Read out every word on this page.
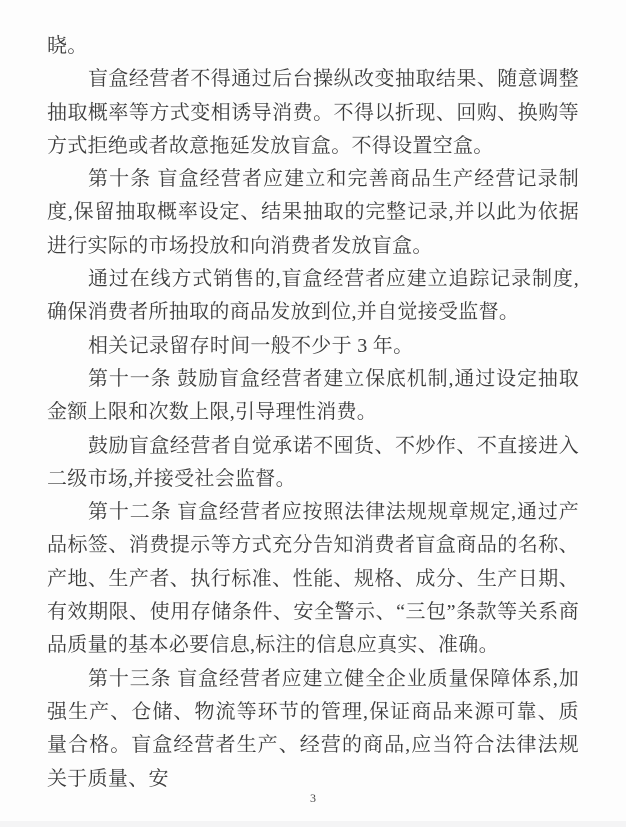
晓。

盲盒经营者不得通过后台操纵改变抽取结果、随意调整抽取概率等方式变相诱导消费。不得以折现、回购、换购等方式拒绝或者故意拖延发放盲盒。不得设置空盒。

第十条 盲盒经营者应建立和完善商品生产经营记录制度,保留抽取概率设定、结果抽取的完整记录,并以此为依据进行实际的市场投放和向消费者发放盲盒。

通过在线方式销售的,盲盒经营者应建立追踪记录制度,确保消费者所抽取的商品发放到位,并自觉接受监督。

相关记录留存时间一般不少于 3 年。

第十一条 鼓励盲盒经营者建立保底机制,通过设定抽取金额上限和次数上限,引导理性消费。

鼓励盲盒经营者自觉承诺不囤货、不炒作、不直接进入二级市场,并接受社会监督。

第十二条 盲盒经营者应按照法律法规规章规定,通过产品标签、消费提示等方式充分告知消费者盲盒商品的名称、产地、生产者、执行标准、性能、规格、成分、生产日期、有效期限、使用存储条件、安全警示、“三包”条款等关系商品质量的基本必要信息,标注的信息应真实、准确。

第十三条 盲盒经营者应建立健全企业质量保障体系,加强生产、仓储、物流等环节的管理,保证商品来源可靠、质量合格。盲盒经营者生产、经营的商品,应当符合法律法规关于质量、安

3
